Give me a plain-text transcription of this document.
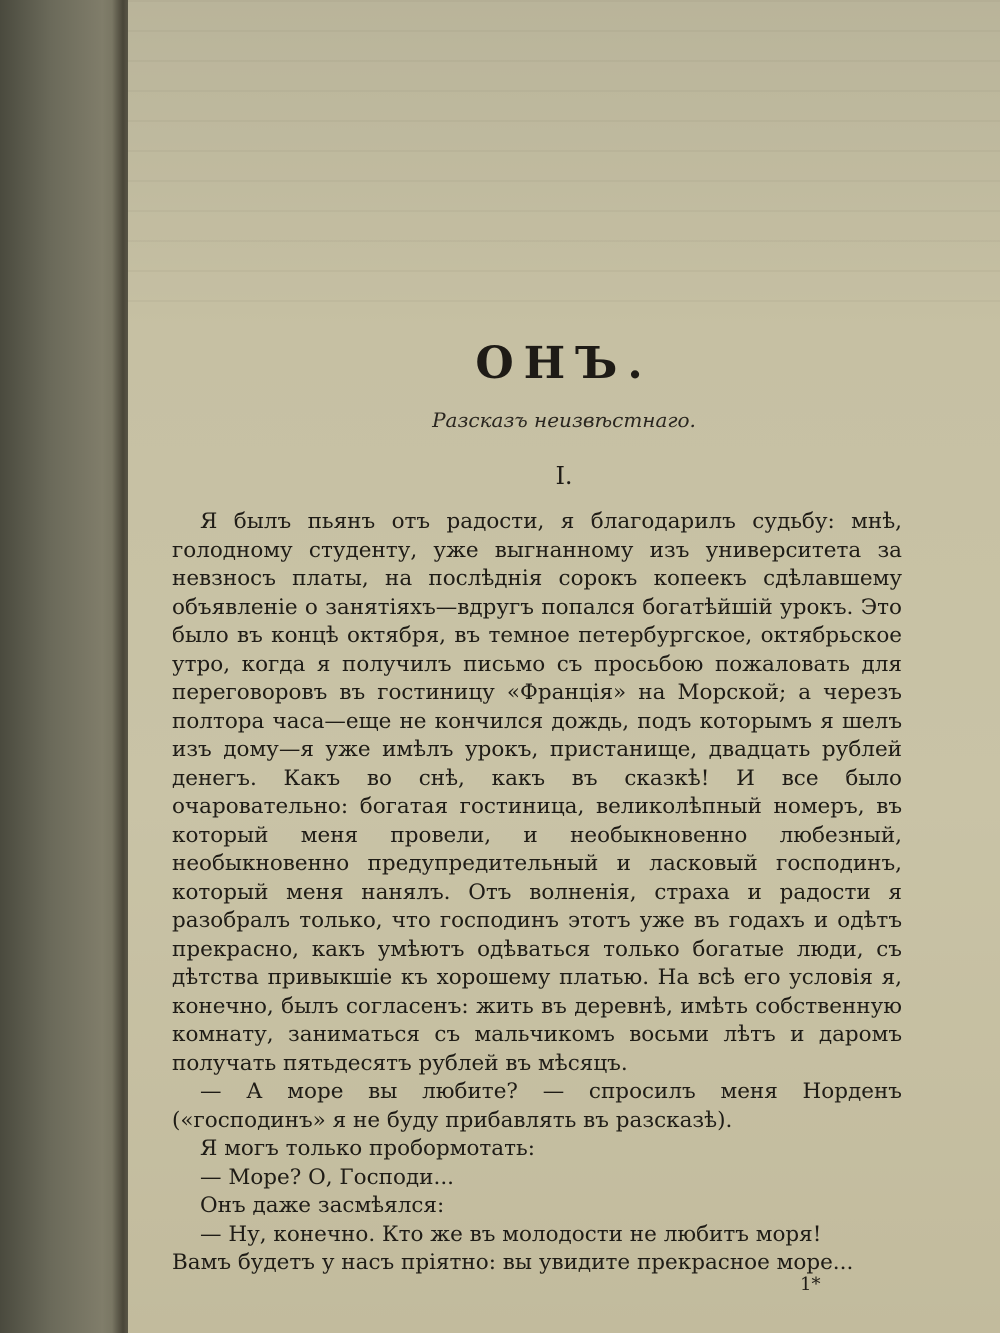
ОНЪ.

Разсказъ неизвѣстнаго.

I.

Я былъ пьянъ отъ радости, я благодарилъ судьбу: мнѣ, голодному студенту, уже выгнанному изъ университета за невзносъ платы, на послѣднія сорокъ копеекъ сдѣлавшему объявленіе о занятіяхъ—вдругъ попался богатѣйшій урокъ. Это было въ концѣ октября, въ темное петербургское, октябрьское утро, когда я получилъ письмо съ просьбою пожаловать для переговоровъ въ гостиницу «Франція» на Морской; а черезъ полтора часа—еще не кончился дождь, подъ которымъ я шелъ изъ дому—я уже имѣлъ урокъ, пристанище, двадцать рублей денегъ. Какъ во снѣ, какъ въ сказкѣ! И все было очаровательно: богатая гостиница, великолѣпный номеръ, въ который меня провели, и необыкновенно любезный, необыкновенно предупредительный и ласковый господинъ, который меня нанялъ. Отъ волненія, страха и радости я разобралъ только, что господинъ этотъ уже въ годахъ и одѣтъ прекрасно, какъ умѣютъ одѣваться только богатые люди, съ дѣтства привыкшіе къ хорошему платью. На всѣ его условія я, конечно, былъ согласенъ: жить въ деревнѣ, имѣть собственную комнату, заниматься съ мальчикомъ восьми лѣтъ и даромъ получать пятьдесятъ рублей въ мѣсяцъ.

— А море вы любите? — спросилъ меня Норденъ («господинъ» я не буду прибавлять въ разсказѣ).

Я могъ только пробормотать:

— Море? О, Господи...

Онъ даже засмѣялся:

— Ну, конечно. Кто же въ молодости не любитъ моря!

Вамъ будетъ у насъ пріятно: вы увидите прекрасное море...

1*
